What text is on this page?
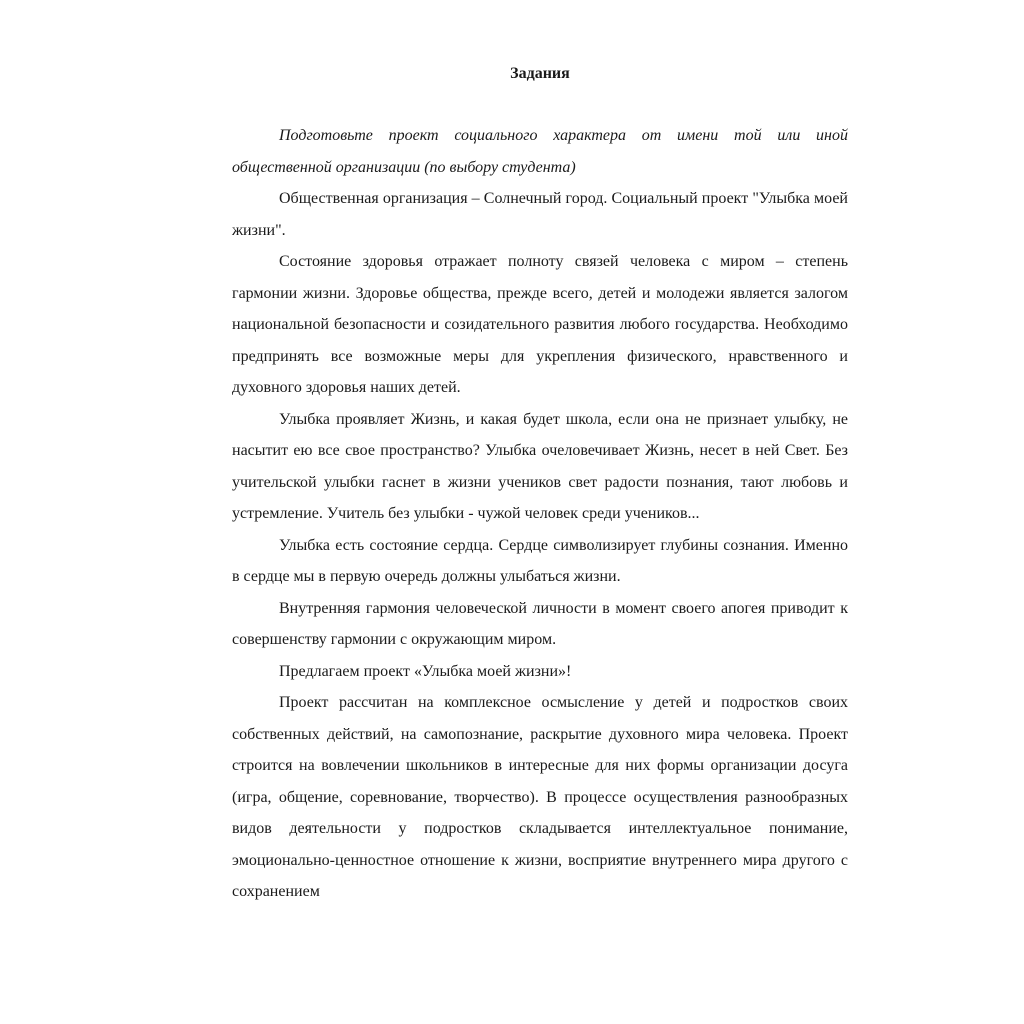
Задания

Подготовьте проект социального характера от имени той или иной общественной организации (по выбору студента)

Общественная организация – Солнечный город. Социальный проект "Улыбка моей жизни".

Состояние здоровья отражает полноту связей человека с миром – степень гармонии жизни. Здоровье общества, прежде всего, детей и молодежи является залогом национальной безопасности и созидательного развития любого государства. Необходимо предпринять все возможные меры для укрепления физического, нравственного и духовного здоровья наших детей.

Улыбка проявляет Жизнь, и какая будет школа, если она не признает улыбку, не насытит ею все свое пространство? Улыбка очеловечивает Жизнь, несет в ней Свет. Без учительской улыбки гаснет в жизни учеников свет радости познания, тают любовь и устремление. Учитель без улыбки - чужой человек среди учеников...

Улыбка есть состояние сердца. Сердце символизирует глубины сознания. Именно в сердце мы в первую очередь должны улыбаться жизни.

Внутренняя гармония человеческой личности в момент своего апогея приводит к совершенству гармонии с окружающим миром.

Предлагаем проект «Улыбка моей жизни»!

Проект рассчитан на комплексное осмысление у детей и подростков своих собственных действий, на самопознание, раскрытие духовного мира человека. Проект строится на вовлечении школьников в интересные для них формы организации досуга (игра, общение, соревнование, творчество). В процессе осуществления разнообразных видов деятельности у подростков складывается интеллектуальное понимание, эмоционально-ценностное отношение к жизни, восприятие внутреннего мира другого с сохранением
